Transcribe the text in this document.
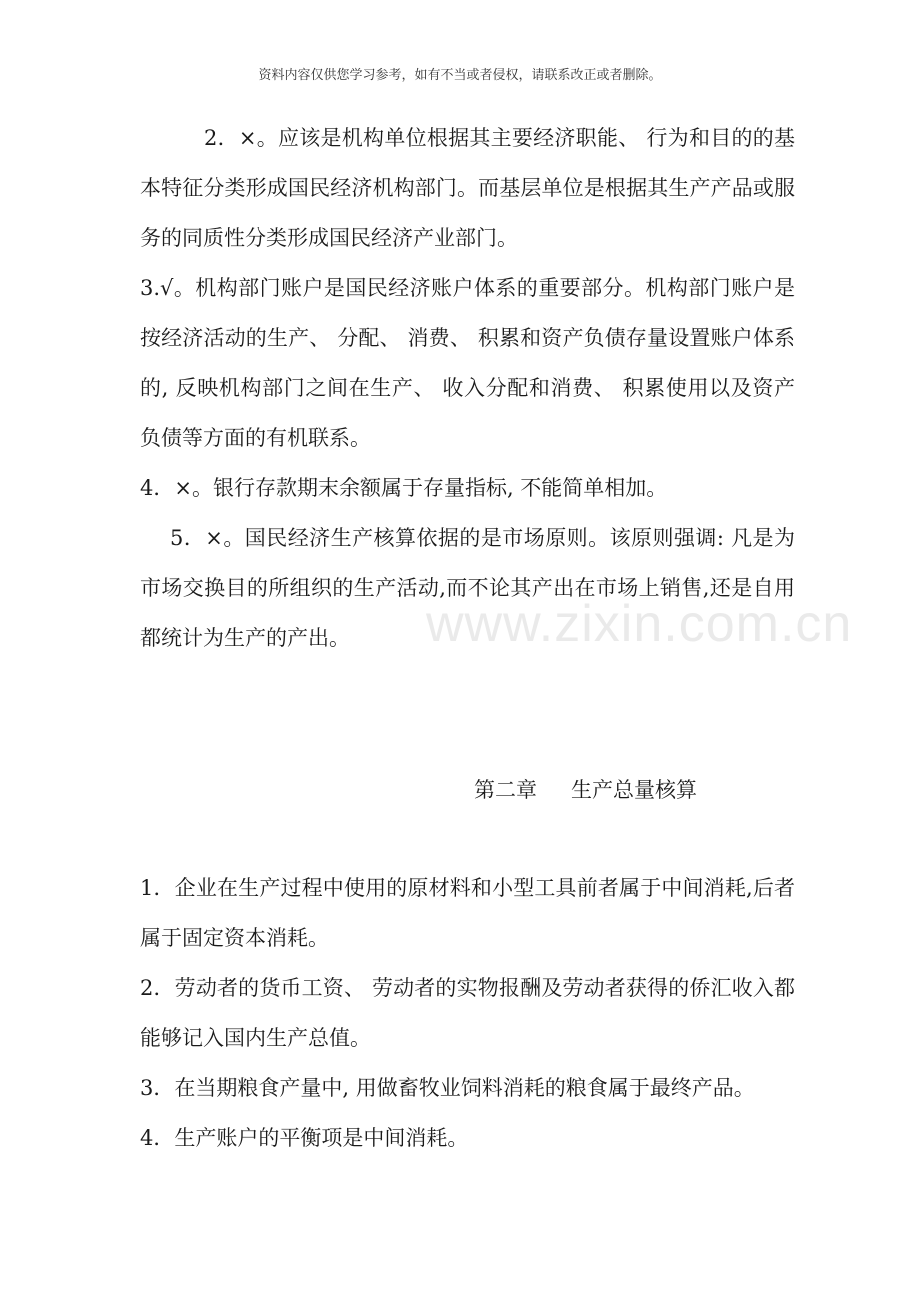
资料内容仅供您学习参考，如有不当或者侵权，请联系改正或者删除。

2．×。应该是机构单位根据其主要经济职能、 行为和目的的基本特征分类形成国民经济机构部门。而基层单位是根据其生产产品或服务的同质性分类形成国民经济产业部门。

3.√。机构部门账户是国民经济账户体系的重要部分。机构部门账户是按经济活动的生产、 分配、 消费、 积累和资产负债存量设置账户体系的, 反映机构部门之间在生产、 收入分配和消费、 积累使用以及资产负债等方面的有机联系。

4．×。银行存款期末余额属于存量指标, 不能简单相加。

5．×。国民经济生产核算依据的是市场原则。该原则强调: 凡是为市场交换目的所组织的生产活动,而不论其产出在市场上销售,还是自用都统计为生产的产出。	www.zixin.com.cn

第二章 生产总量核算

1．企业在生产过程中使用的原材料和小型工具前者属于中间消耗,后者属于固定资本消耗。

2．劳动者的货币工资、 劳动者的实物报酬及劳动者获得的侨汇收入都能够记入国内生产总值。

3．在当期粮食产量中, 用做畜牧业饲料消耗的粮食属于最终产品。

4．生产账户的平衡项是中间消耗。
